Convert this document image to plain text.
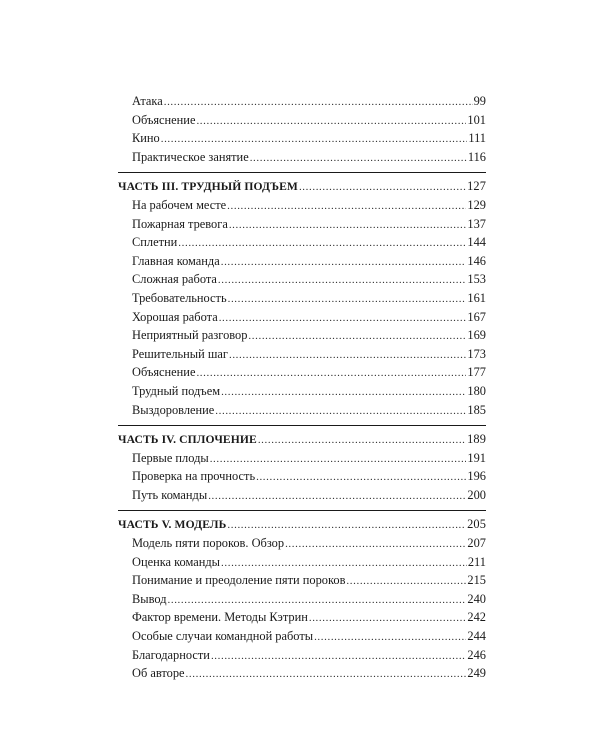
Атака .....	99
Объяснение .....	101
Кино .....	111
Практическое занятие .....	116
ЧАСТЬ III. ТРУДНЫЙ ПОДЪЕМ .....	127
На рабочем месте .....	129
Пожарная тревога .....	137
Сплетни .....	144
Главная команда .....	146
Сложная работа .....	153
Требовательность .....	161
Хорошая работа .....	167
Неприятный разговор .....	169
Решительный шаг .....	173
Объяснение .....	177
Трудный подъем .....	180
Выздоровление .....	185
ЧАСТЬ IV. СПЛОЧЕНИЕ .....	189
Первые плоды .....	191
Проверка на прочность .....	196
Путь команды .....	200
ЧАСТЬ V. МОДЕЛЬ .....	205
Модель пяти пороков. Обзор .....	207
Оценка команды .....	211
Понимание и преодоление пяти пороков .....	215
Вывод .....	240
Фактор времени. Методы Кэтрин .....	242
Особые случаи командной работы .....	244
Благодарности .....	246
Об авторе .....	249
